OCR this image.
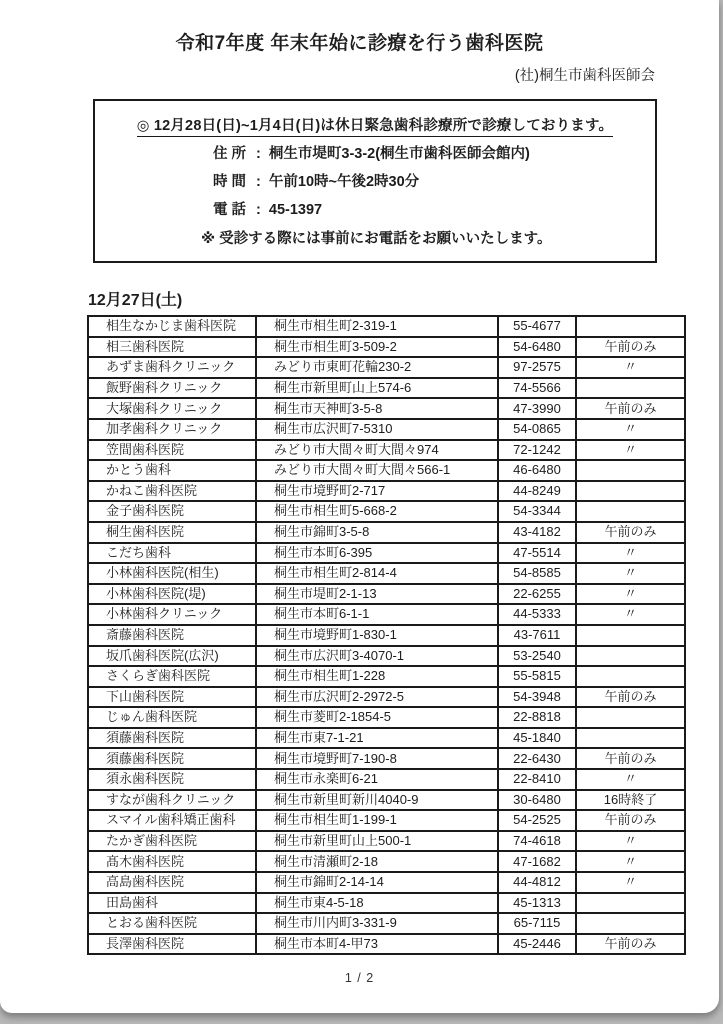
令和7年度 年末年始に診療を行う歯科医院
(社)桐生市歯科医師会
◎ 12月28日(日)~1月4日(日)は休日緊急歯科診療所で診療しております。
住 所 : 桐生市堤町3-3-2(桐生市歯科医師会館内)
時 間 : 午前10時~午後2時30分
電 話 : 45-1397
※ 受診する際には事前にお電話をお願いいたします。
12月27日(土)
相生なかじま歯科医院	桐生市相生町2-319-1	55-4677	
相三歯科医院	桐生市相生町3-509-2	54-6480	午前のみ
あずま歯科クリニック	みどり市東町花輪230-2	97-2575	〃
飯野歯科クリニック	桐生市新里町山上574-6	74-5566	
大塚歯科クリニック	桐生市天神町3-5-8	47-3990	午前のみ
加孝歯科クリニック	桐生市広沢町7-5310	54-0865	〃
笠間歯科医院	みどり市大間々町大間々974	72-1242	〃
かとう歯科	みどり市大間々町大間々566-1	46-6480	
かねこ歯科医院	桐生市境野町2-717	44-8249	
金子歯科医院	桐生市相生町5-668-2	54-3344	
桐生歯科医院	桐生市錦町3-5-8	43-4182	午前のみ
こだち歯科	桐生市本町6-395	47-5514	〃
小林歯科医院(相生)	桐生市相生町2-814-4	54-8585	〃
小林歯科医院(堤)	桐生市堤町2-1-13	22-6255	〃
小林歯科クリニック	桐生市本町6-1-1	44-5333	〃
斎藤歯科医院	桐生市境野町1-830-1	43-7611	
坂爪歯科医院(広沢)	桐生市広沢町3-4070-1	53-2540	
さくらぎ歯科医院	桐生市相生町1-228	55-5815	
下山歯科医院	桐生市広沢町2-2972-5	54-3948	午前のみ
じゅん歯科医院	桐生市菱町2-1854-5	22-8818	
須藤歯科医院	桐生市東7-1-21	45-1840	
須藤歯科医院	桐生市境野町7-190-8	22-6430	午前のみ
須永歯科医院	桐生市永楽町6-21	22-8410	〃
すなが歯科クリニック	桐生市新里町新川4040-9	30-6480	16時終了
スマイル歯科矯正歯科	桐生市相生町1-199-1	54-2525	午前のみ
たかぎ歯科医院	桐生市新里町山上500-1	74-4618	〃
髙木歯科医院	桐生市清瀬町2-18	47-1682	〃
高島歯科医院	桐生市錦町2-14-14	44-4812	〃
田島歯科	桐生市東4-5-18	45-1313	
とおる歯科医院	桐生市川内町3-331-9	65-7115	
長澤歯科医院	桐生市本町4-甲73	45-2446	午前のみ
1 / 2
